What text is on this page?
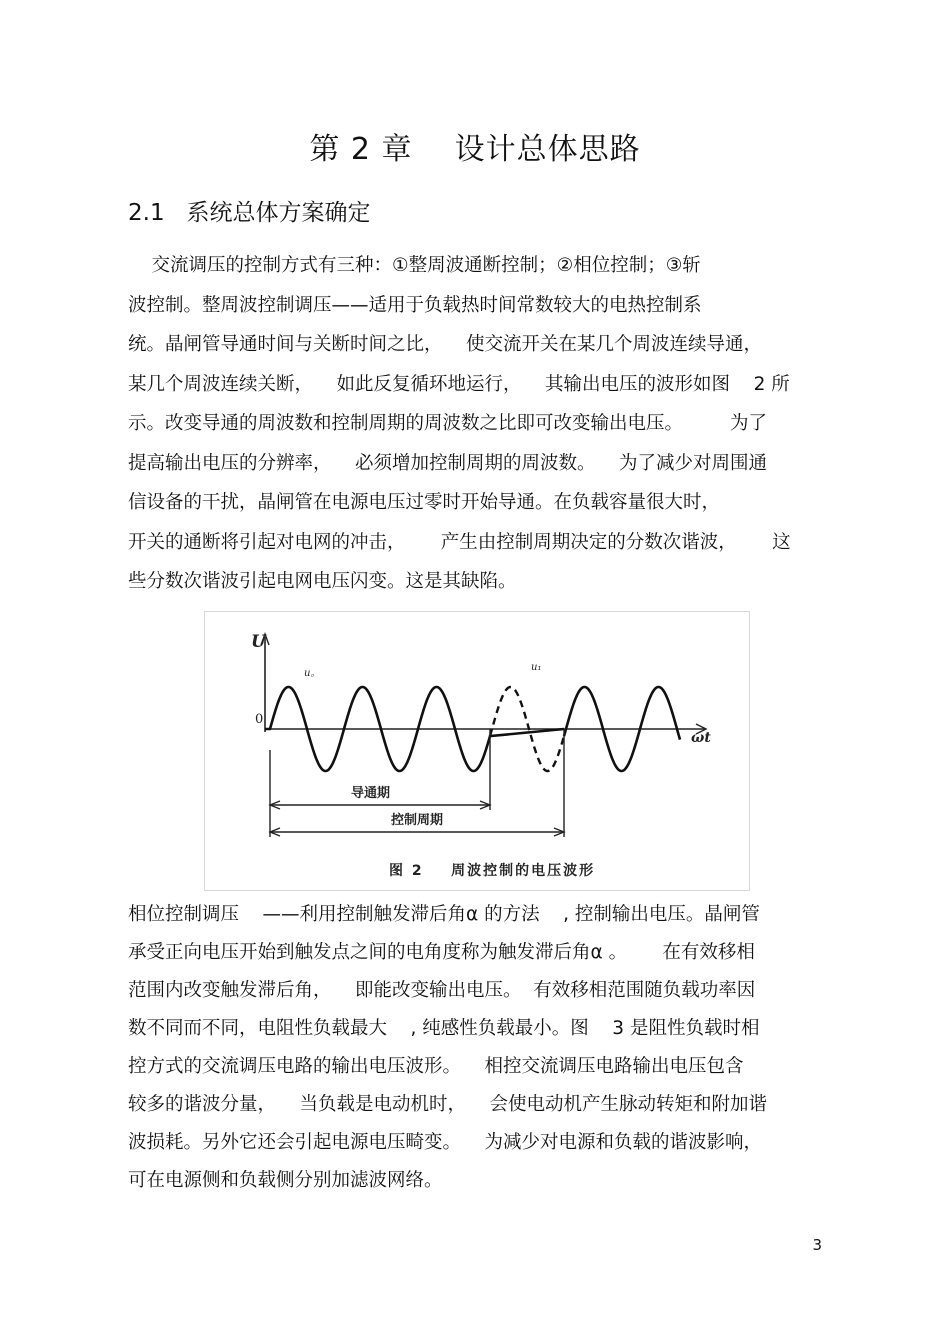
第 2 章    设计总体思路
2.1   系统总体方案确定
交流调压的控制方式有三种：①整周波通断控制；②相位控制；③斩
波控制。整周波控制调压——适用于负载热时间常数较大的电热控制系
统。晶闸管导通时间与关断时间之比，    使交流开关在某几个周波连续导通，
某几个周波连续关断，    如此反复循环地运行，    其输出电压的波形如图    2 所
示。改变导通的周波数和控制周期的周波数之比即可改变输出电压。        为了
提高输出电压的分辨率，    必须增加控制周期的周波数。    为了减少对周围通
信设备的干扰，晶闸管在电源电压过零时开始导通。在负载容量很大时，
开关的通断将引起对电网的冲击，      产生由控制周期决定的分数次谐波，      这
些分数次谐波引起电网电压闪变。这是其缺陷。
U
0
ωt
u。
u₁
导通期
控制周期
图 2    周波控制的电压波形
相位控制调压    ——利用控制触发滞后角α 的方法    , 控制输出电压。晶闸管
承受正向电压开始到触发点之间的电角度称为触发滞后角α 。      在有效移相
范围内改变触发滞后角，    即能改变输出电压。  有效移相范围随负载功率因
数不同而不同，电阻性负载最大    , 纯感性负载最小。图    3 是阻性负载时相
控方式的交流调压电路的输出电压波形。    相控交流调压电路输出电压包含
较多的谐波分量，    当负载是电动机时，    会使电动机产生脉动转矩和附加谐
波损耗。另外它还会引起电源电压畸变。    为减少对电源和负载的谐波影响，
可在电源侧和负载侧分别加滤波网络。
3
